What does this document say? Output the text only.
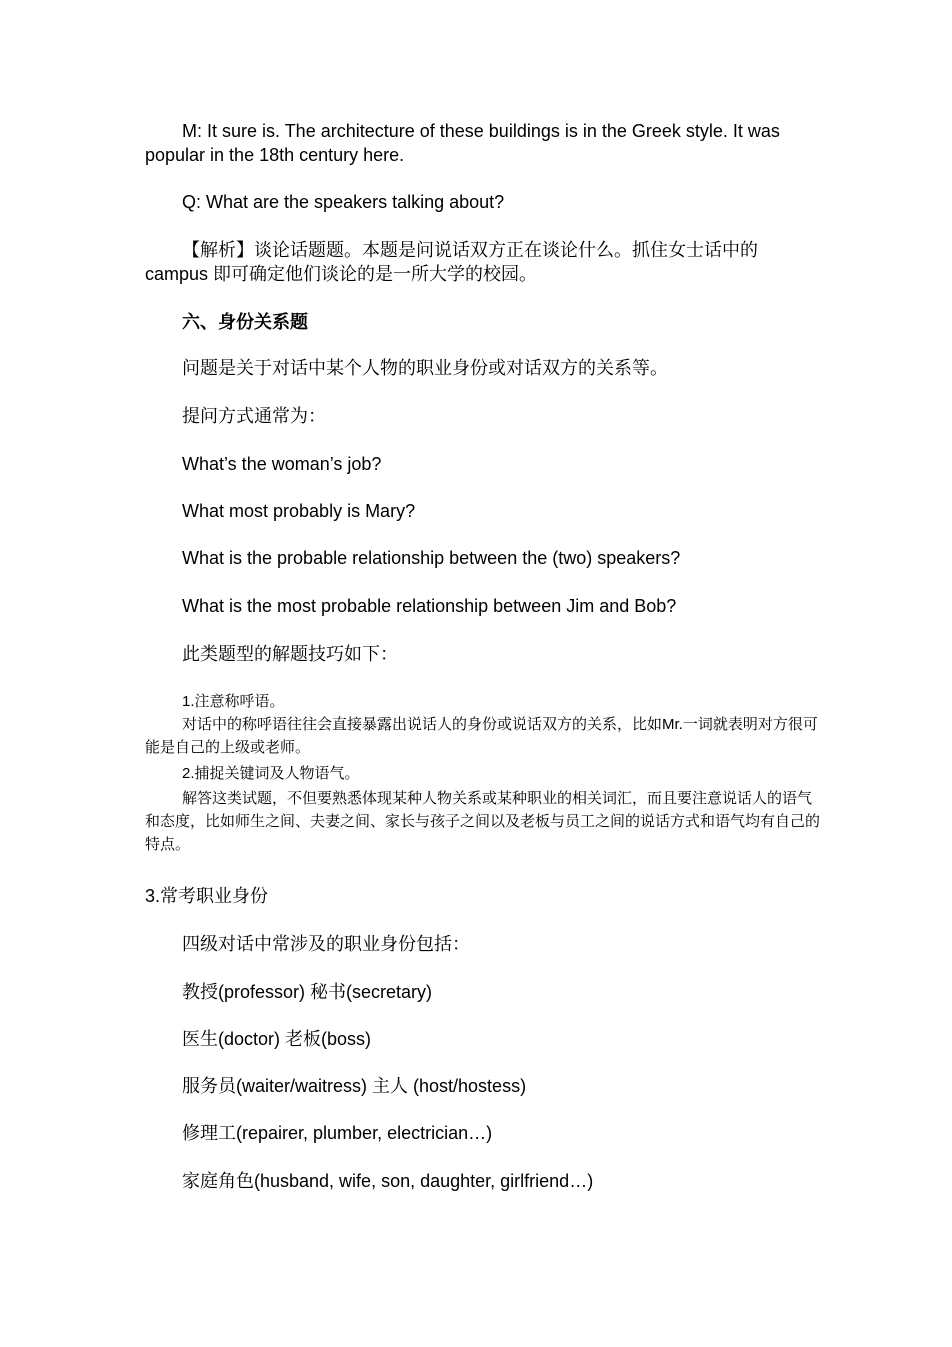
M: It sure is. The architecture of these buildings is in the Greek style. It was popular in the 18th century here.

Q: What are the speakers talking about?

【解析】谈论话题题。本题是问说话双方正在谈论什么。抓住女士话中的campus 即可确定他们谈论的是一所大学的校园。

六、身份关系题

问题是关于对话中某个人物的职业身份或对话双方的关系等。

提问方式通常为：

What’s the woman’s job?

What most probably is Mary?

What is the probable relationship between the (two) speakers?

What is the most probable relationship between Jim and Bob?

此类题型的解题技巧如下：

1.注意称呼语。

对话中的称呼语往往会直接暴露出说话人的身份或说话双方的关系，比如Mr.一词就表明对方很可能是自己的上级或老师。

2.捕捉关键词及人物语气。

解答这类试题，不但要熟悉体现某种人物关系或某种职业的相关词汇，而且要注意说话人的语气和态度，比如师生之间、夫妻之间、家长与孩子之间以及老板与员工之间的说话方式和语气均有自己的特点。

3.常考职业身份

四级对话中常涉及的职业身份包括：

教授(professor) 秘书(secretary)

医生(doctor) 老板(boss)

服务员(waiter/waitress) 主人 (host/hostess)

修理工(repairer, plumber, electrician…)

家庭角色(husband, wife, son, daughter, girlfriend…)
